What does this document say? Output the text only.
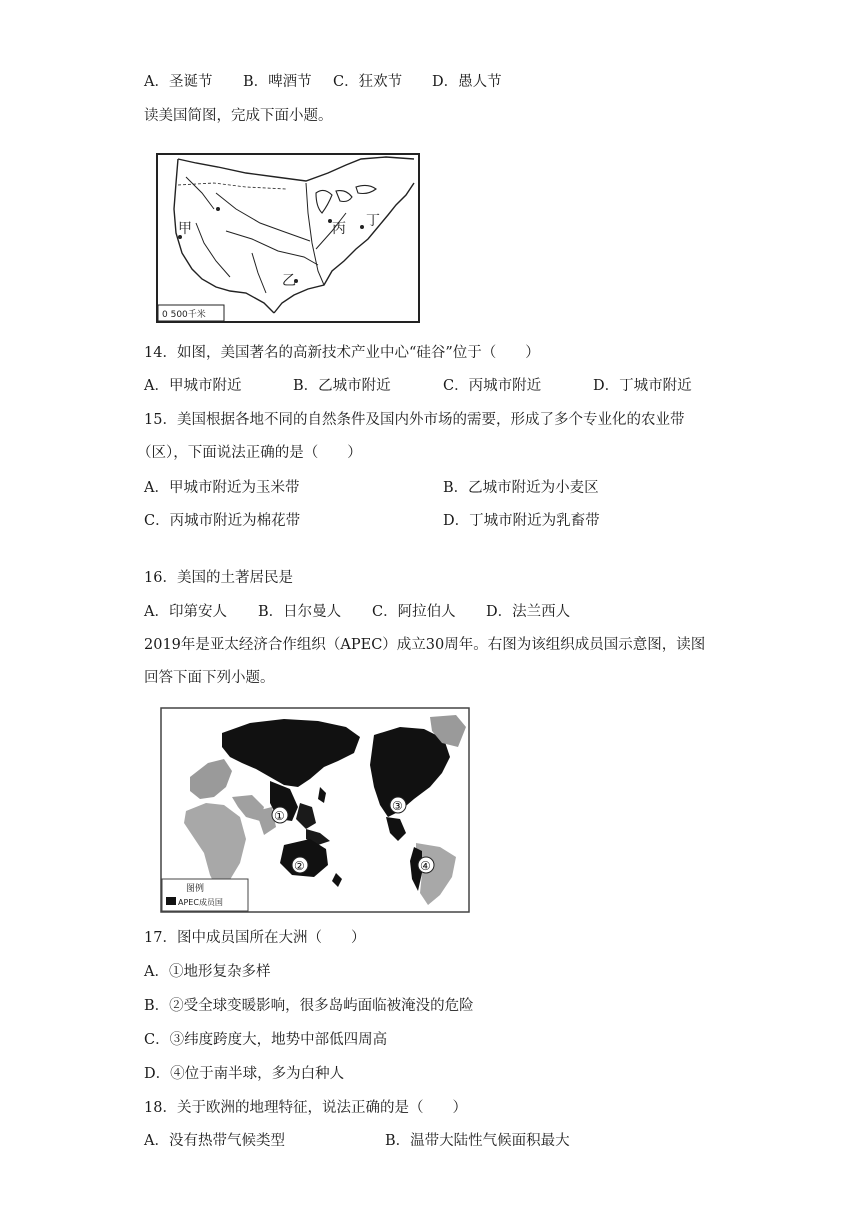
A．圣诞节 B．啤酒节 C．狂欢节 D．愚人节
读美国简图，完成下面小题。
甲
乙
丙 丁
0 500千米
14．如图，美国著名的高新技术产业中心“硅谷”位于（　　）
A．甲城市附近	B．乙城市附近	C．丙城市附近	D．丁城市附近
15．美国根据各地不同的自然条件及国内外市场的需要，形成了多个专业化的农业带
（区），下面说法正确的是（　　）
A．甲城市附近为玉米带	B．乙城市附近为小麦区
C．丙城市附近为棉花带	D．丁城市附近为乳畜带
16．美国的土著居民是
A．印第安人 B．日尔曼人 C．阿拉伯人 D．法兰西人
2019年是亚太经济合作组织（APEC）成立30周年。右图为该组织成员国示意图，读图
回答下面下列小题。
①
②
③
④
图例
APEC成员国
17．图中成员国所在大洲（　　）
A．①地形复杂多样
B．②受全球变暖影响，很多岛屿面临被淹没的危险
C．③纬度跨度大，地势中部低四周高
D．④位于南半球，多为白种人
18．关于欧洲的地理特征，说法正确的是（　　）
A．没有热带气候类型	B．温带大陆性气候面积最大
